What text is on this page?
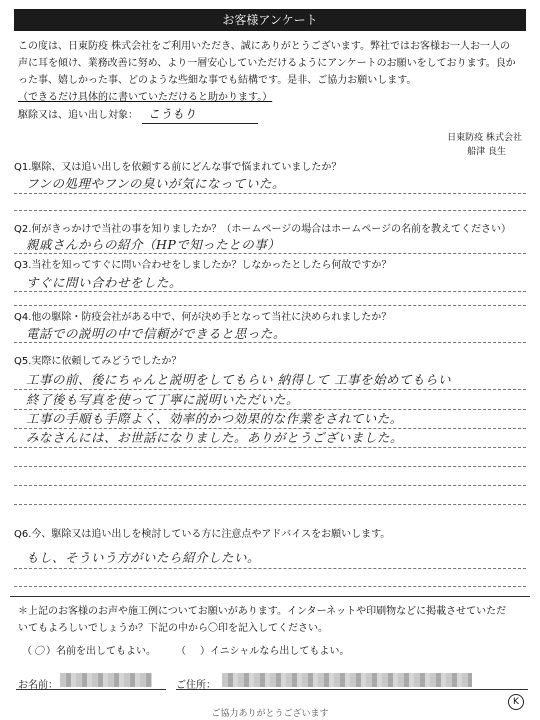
お客様アンケート

この度は、日東防疫 株式会社をご利用いただき、誠にありがとうございます。弊社ではお客様お一人お一人の

声に耳を傾け、業務改善に努め、より一層安心していただけるようにアンケートのお願いをしております。良か

った事、嬉しかった事、どのような些細な事でも結構です。是非、ご協力お願いします。

（できるだけ具体的に書いていただけると助かります。）

駆除又は、追い出し対象： こうもり

日東防疫 株式会社
船津 良生
Q1.駆除、又は追い出しを依頼する前にどんな事で悩まれていましたか？
フンの処理やフンの臭いが気になっていた。
Q2.何がきっかけで当社の事を知りましたか？（ホームページの場合はホームページの名前を教えてください）
親戚さんからの紹介（HPで知ったとの事）
Q3.当社を知ってすぐに問い合わせをしましたか？しなかったとしたら何故ですか？
すぐに問い合わせをした。
Q4.他の駆除・防疫会社がある中で、何が決め手となって当社に決められましたか？
電話での説明の中で信頼ができると思った。
Q5.実際に依頼してみどうでしたか？
工事の前、後にちゃんと説明をしてもらい 納得して 工事を始めてもらい
終了後も写真を使って丁寧に説明いただいた。
工事の手順も手際よく、効率的かつ効果的な作業をされていた。
みなさんには、お世話になりました。ありがとうございました。
Q6.今、駆除又は追い出しを検討している方に注意点やアドバイスをお願いします。
もし、そういう方がいたら紹介したい。
＊上記のお客様のお声や施工例についてお願いがあります。インターネットや印刷物などに掲載させていただ
いてもよろしいでしょうか？下記の中から〇印を記入してください。
（ 〇 ）名前を出してもよい。 （ ）イニシャルなら出してもよい。
お名前：	ご住所：
ご協力ありがとうございます
K
